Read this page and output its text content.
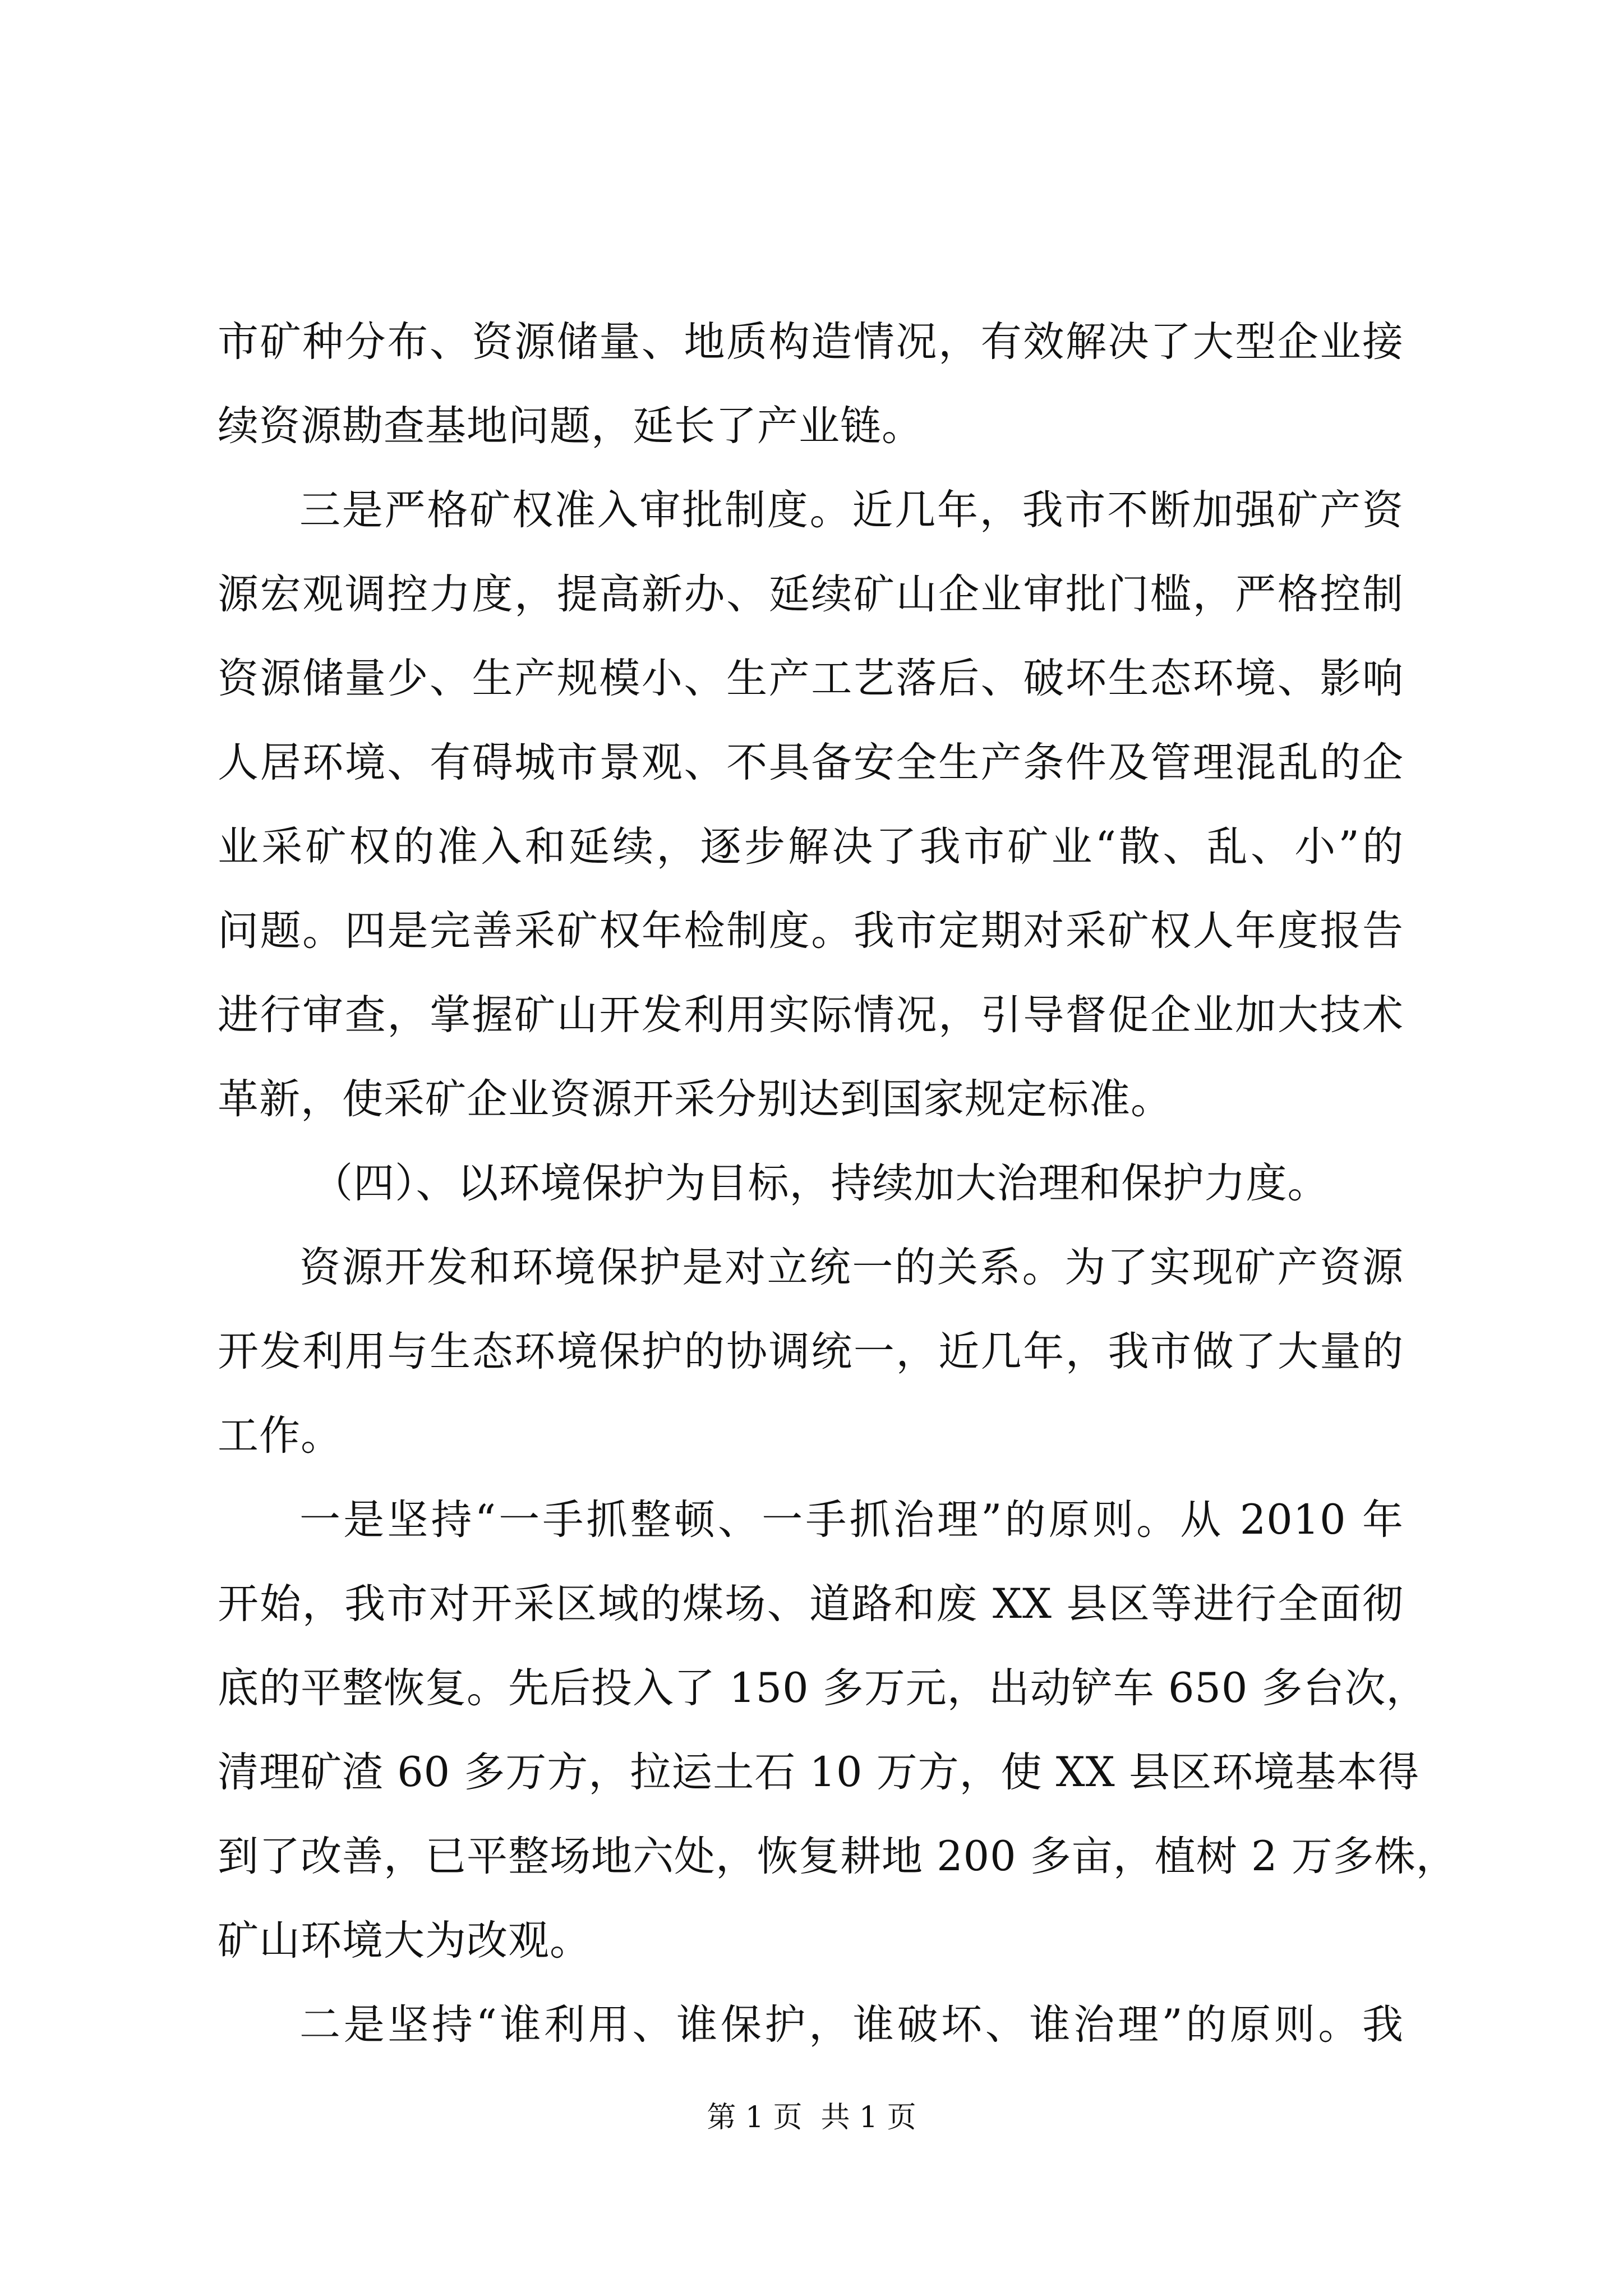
市矿种分布、资源储量、地质构造情况，有效解决了大型企业接
续资源勘查基地问题，延长了产业链。
三是严格矿权准入审批制度。近几年，我市不断加强矿产资
源宏观调控力度，提高新办、延续矿山企业审批门槛，严格控制
资源储量少、生产规模小、生产工艺落后、破坏生态环境、影响
人居环境、有碍城市景观、不具备安全生产条件及管理混乱的企
业采矿权的准入和延续，逐步解决了我市矿业“散、乱、小”的
问题。四是完善采矿权年检制度。我市定期对采矿权人年度报告
进行审查，掌握矿山开发利用实际情况，引导督促企业加大技术
革新，使采矿企业资源开采分别达到国家规定标准。
（四）、以环境保护为目标，持续加大治理和保护力度。
资源开发和环境保护是对立统一的关系。为了实现矿产资源
开发利用与生态环境保护的协调统一，近几年，我市做了大量的
工作。
一是坚持“一手抓整顿、一手抓治理”的原则。从 2010 年
开始，我市对开采区域的煤场、道路和废 XX 县区等进行全面彻
底的平整恢复。先后投入了 150 多万元，出动铲车 650 多台次，
清理矿渣 60 多万方，拉运土石 10 万方，使 XX 县区环境基本得
到了改善，已平整场地六处，恢复耕地 200 多亩，植树 2 万多株，
矿山环境大为改观。
二是坚持“谁利用、谁保护，谁破坏、谁治理”的原则。我
第 1 页  共 1 页
